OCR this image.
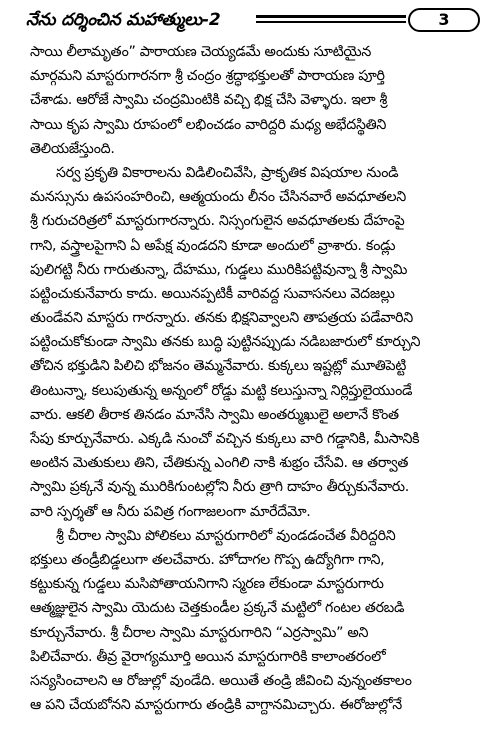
నేను దర్శించిన మహాత్ములు-2	3
సాయి లీలామృతం” పారాయణ చెయ్యడమే అందుకు సూటియైన
మార్గమని మాస్టరుగారనగా శ్రీ చంద్రం శ్రద్ధాభక్తులతో పారాయణ పూర్తి
చేశాడు. ఆరోజే స్వామి చంద్రమింటికి వచ్చి భిక్ష చేసి వెళ్ళారు. ఇలా శ్రీ
సాయి కృప స్వామి రూపంలో లభించడం వారిద్దరి మధ్య అభేదస్థితిని
తెలియజేస్తుంది.
సర్వ ప్రకృతి వికారాలను విడిలించివేసి, ప్రాకృతిక విషయాల నుండి
మనస్సును ఉపసంహరించి, ఆత్మయందు లీనం చేసినవారే అవధూతలని
శ్రీ గురుచరిత్రలో మాస్టరుగారన్నారు. నిస్సంగులైన అవధూతలకు దేహంపై
గాని, వస్త్రాలపైగాని ఏ అపేక్ష వుండదని కూడా అందులో వ్రాశారు. కండ్లు
పులిగట్టి నీరు గారుతున్నా, దేహము, గుడ్డలు మురికిపట్టివున్నా శ్రీ స్వామి
పట్టించుకునేవారు కాదు. అయినప్పటికీ వారివద్ద సువాసనలు వెదజల్లు
తుండేవని మాస్టరు గారన్నారు. తనకు భిక్షనివ్వాలని తాపత్రయ పడేవారిని
పట్టించుకోకుండా స్వామి తనకు బుద్ధి పుట్టినప్పుడు నడిబజారులో కూర్చుని
తోచిన భక్తుడిని పిలిచి భోజనం తెమ్మనేవారు. కుక్కలు ఇష్టట్లో మూతిపెట్టి
తింటున్నా, కలుపుతున్న అన్నంలో రోడ్డు మట్టి కలుస్తున్నా నిర్లిప్తులైయుండే
వారు. ఆకలి తీరాక తినడం మానేసి స్వామి అంతర్ముఖులై అలానే కొంత
సేపు కూర్చునేవారు. ఎక్కడి నుంచో వచ్చిన కుక్కలు వారి గడ్డానికి, మీసానికి
అంటిన మెతుకులు తిని, చేతికున్న ఎంగిలి నాకి శుభ్రం చేసేవి. ఆ తర్వాత
స్వామి ప్రక్కనే వున్న మురికిగుంటల్లోని నీరు త్రాగి దాహం తీర్చుకునేవారు.
వారి స్పర్శతో ఆ నీరు పవిత్ర గంగాజలంగా మారేదేమో.
శ్రీ చీరాల స్వామి పోలికలు మాస్టరుగారిలో వుండడంచేత వీరిద్దరిని
భక్తులు తండ్రీబిడ్డలుగా తలచేవారు. హోదాగల గొప్ప ఉద్యోగిగా గాని,
కట్టుకున్న గుడ్డలు మసిపోతాయనిగాని స్మరణ లేకుండా మాస్టరుగారు
ఆత్మజ్ఞులైన స్వామి యెదుట చెత్తకుండీల ప్రక్కనే మట్టిలో గంటల తరబడి
కూర్చునేవారు. శ్రీ చీరాల స్వామి మాస్టరుగారిని “ఎర్రస్వామి” అని
పిలిచేవారు. తీవ్ర వైరాగ్యమూర్తి అయిన మాస్టరుగారికి కాలాంతరంలో
సన్యసించాలని ఆ రోజుల్లో వుండేది. అయితే తండ్రి జీవించి వున్నంతకాలం
ఆ పని చేయబోనని మాస్టరుగారు తండ్రికి వాగ్దానమిచ్చారు. ఈరోజుల్లోనే
